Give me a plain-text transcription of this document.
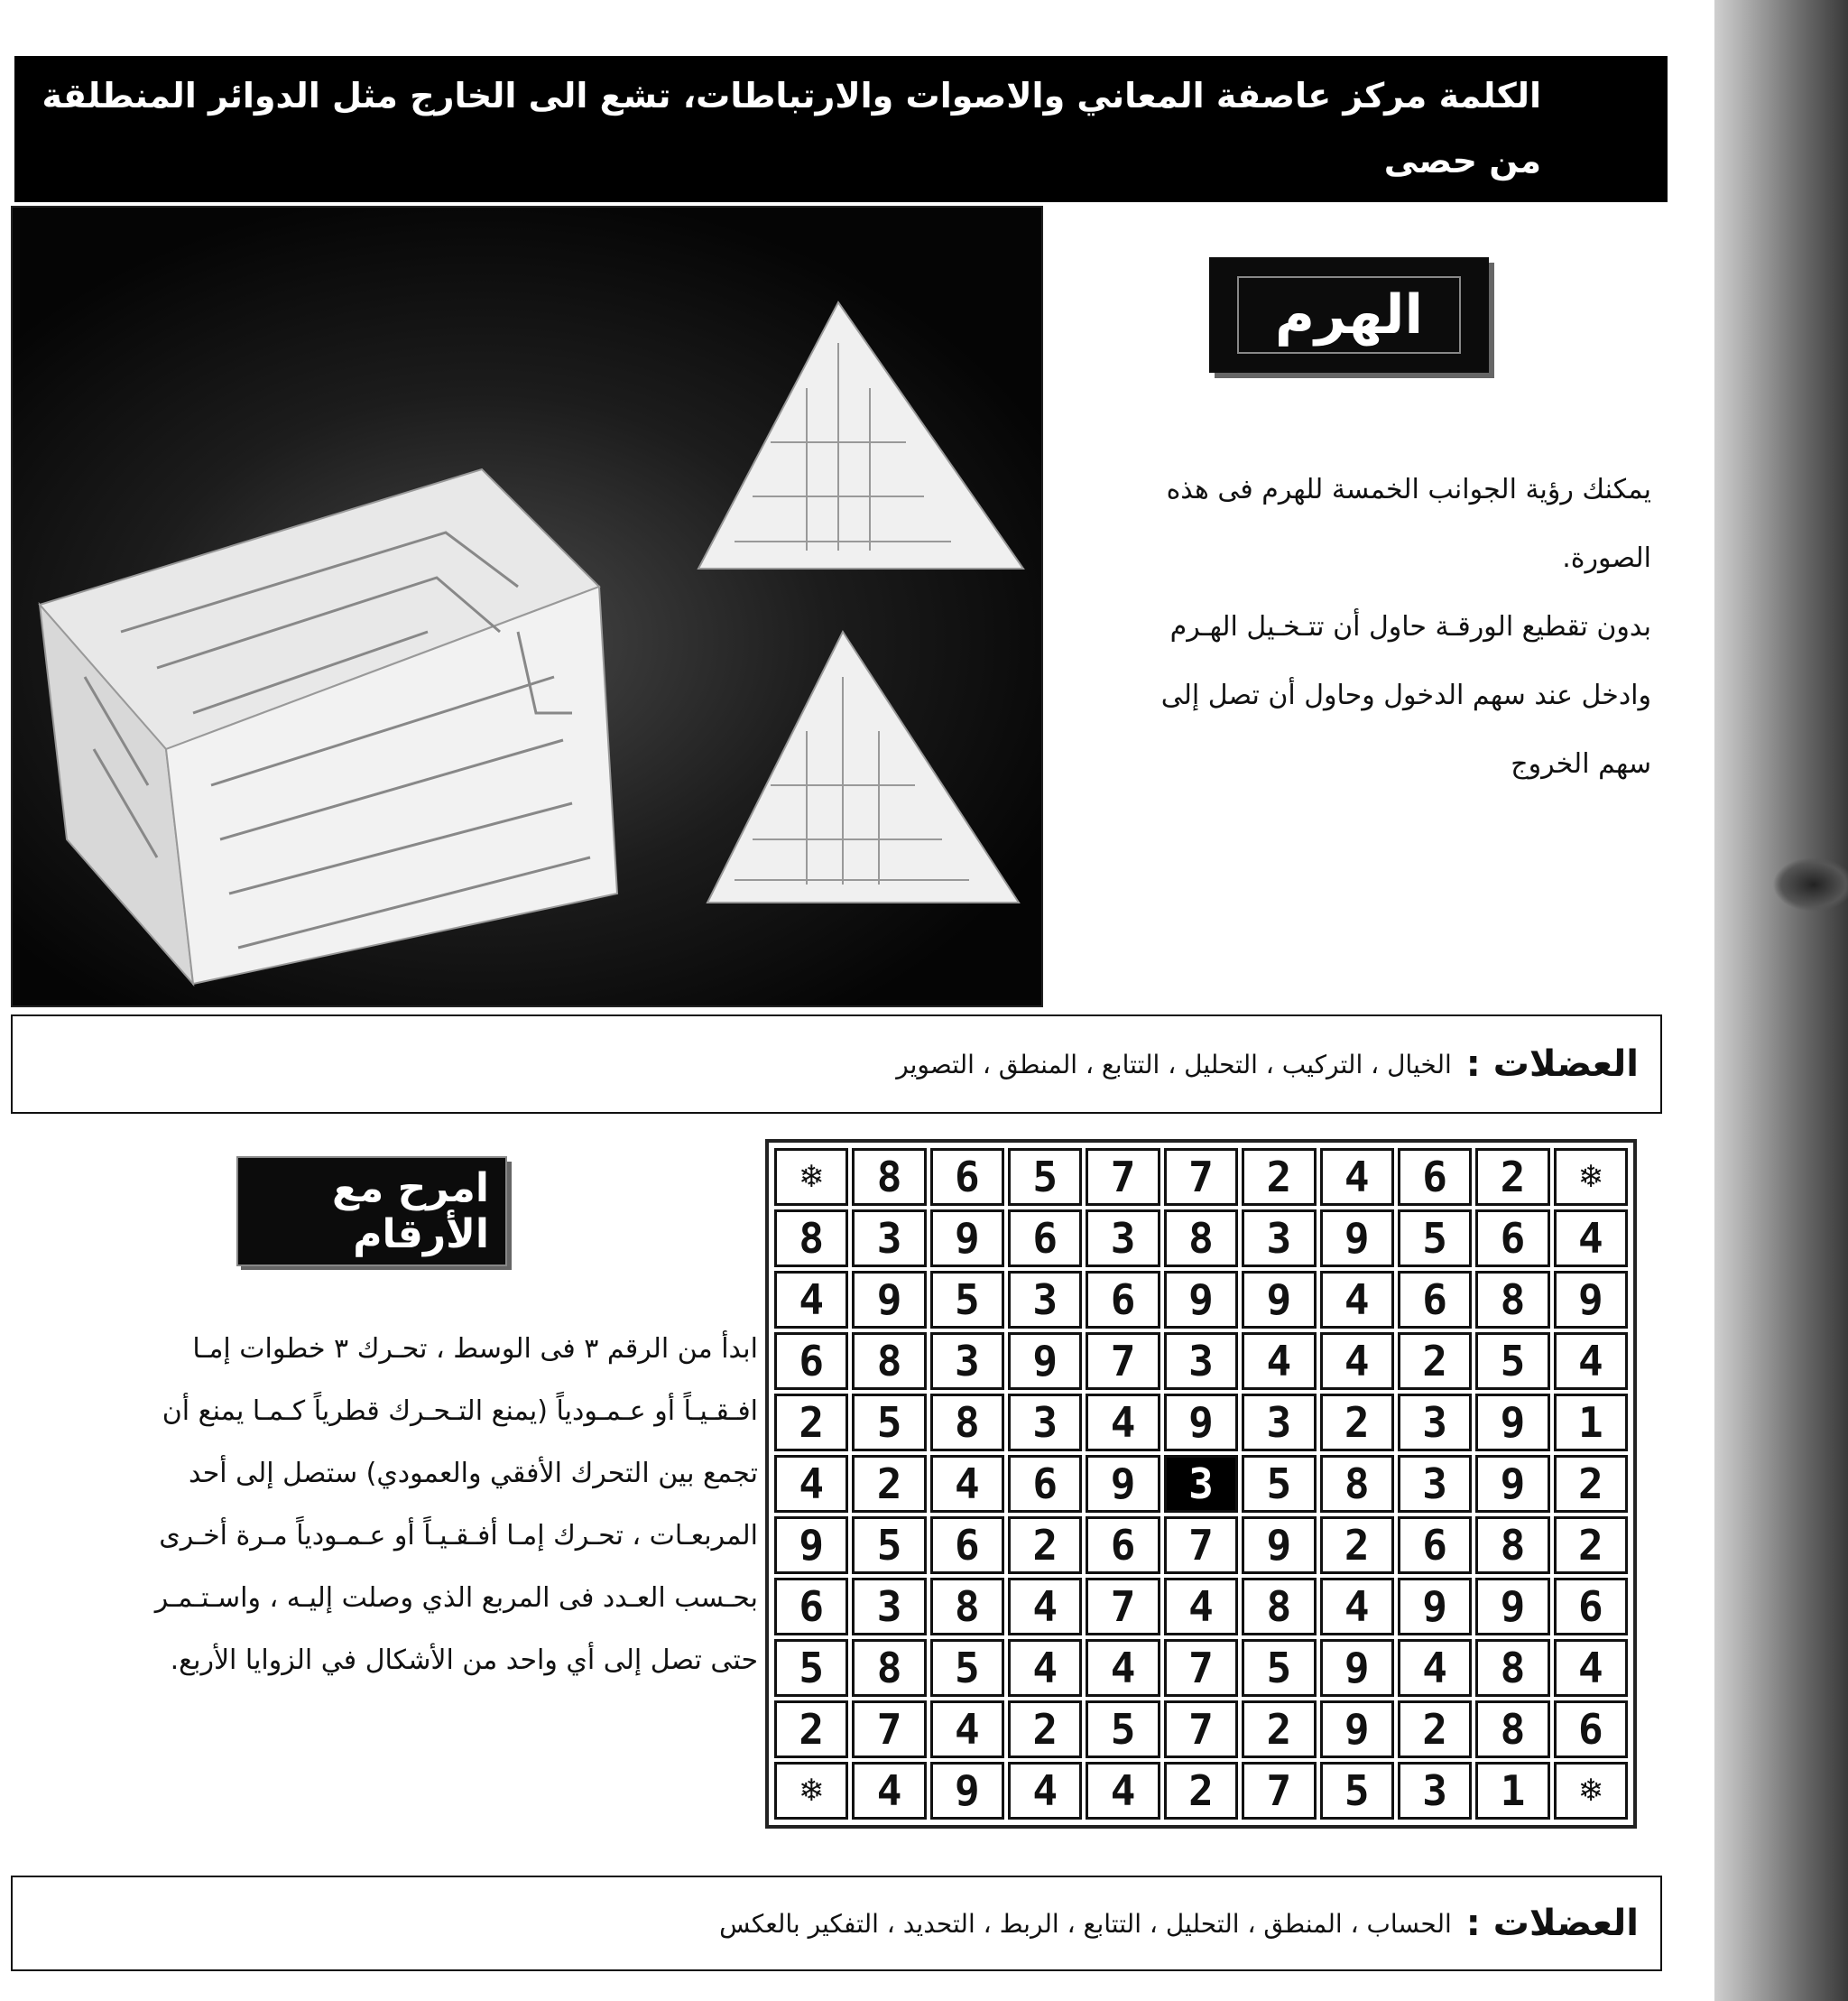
الكلمة مركز عاصفة المعاني والاصوات والارتباطات، تشع الى الخارج مثل الدوائر المنطلقة من حصى
الهرم
يمكنك رؤية الجوانب الخمسة للهرم فى هذه
الصورة.
بدون تقطيع الورقـة حاول أن تتـخـيل الهـرم
وادخل عند سهم الدخول وحاول أن تصل إلى
سهم الخروج
العضلات :
الخيال ، التركيب ، التحليل ، التتابع ، المنطق ، التصوير
امرح مع الأرقام
ابدأ من الرقم ٣ فى الوسط ، تحـرك ٣ خطوات إمـا
افـقـيـاً أو عـمـودياً (يمنع التـحـرك قطرياً كـمـا يمنع أن
تجمع بين التحرك الأفقي والعمودي) ستصل إلى أحد
المربعـات ، تحـرك إمـا أفـقـيـاً أو عـمـودياً مـرة أخـرى
بحـسب العـدد فى المربع الذي وصلت إليـه ، واسـتـمـر
حتى تصل إلى أي واحد من الأشكال في الزوايا الأربع.
❄	8	6	5	7	7	2	4	6	2	❄
8	3	9	6	3	8	3	9	5	6	4
4	9	5	3	6	9	9	4	6	8	9
6	8	3	9	7	3	4	4	2	5	4
2	5	8	3	4	9	3	2	3	9	1
4	2	4	6	9	3	5	8	3	9	2
9	5	6	2	6	7	9	2	6	8	2
6	3	8	4	7	4	8	4	9	9	6
5	8	5	4	4	7	5	9	4	8	4
2	7	4	2	5	7	2	9	2	8	6
❄	4	9	4	4	2	7	5	3	1	❄
العضلات :
الحساب ، المنطق ، التحليل ، التتابع ، الربط ، التحديد ، التفكير بالعكس
